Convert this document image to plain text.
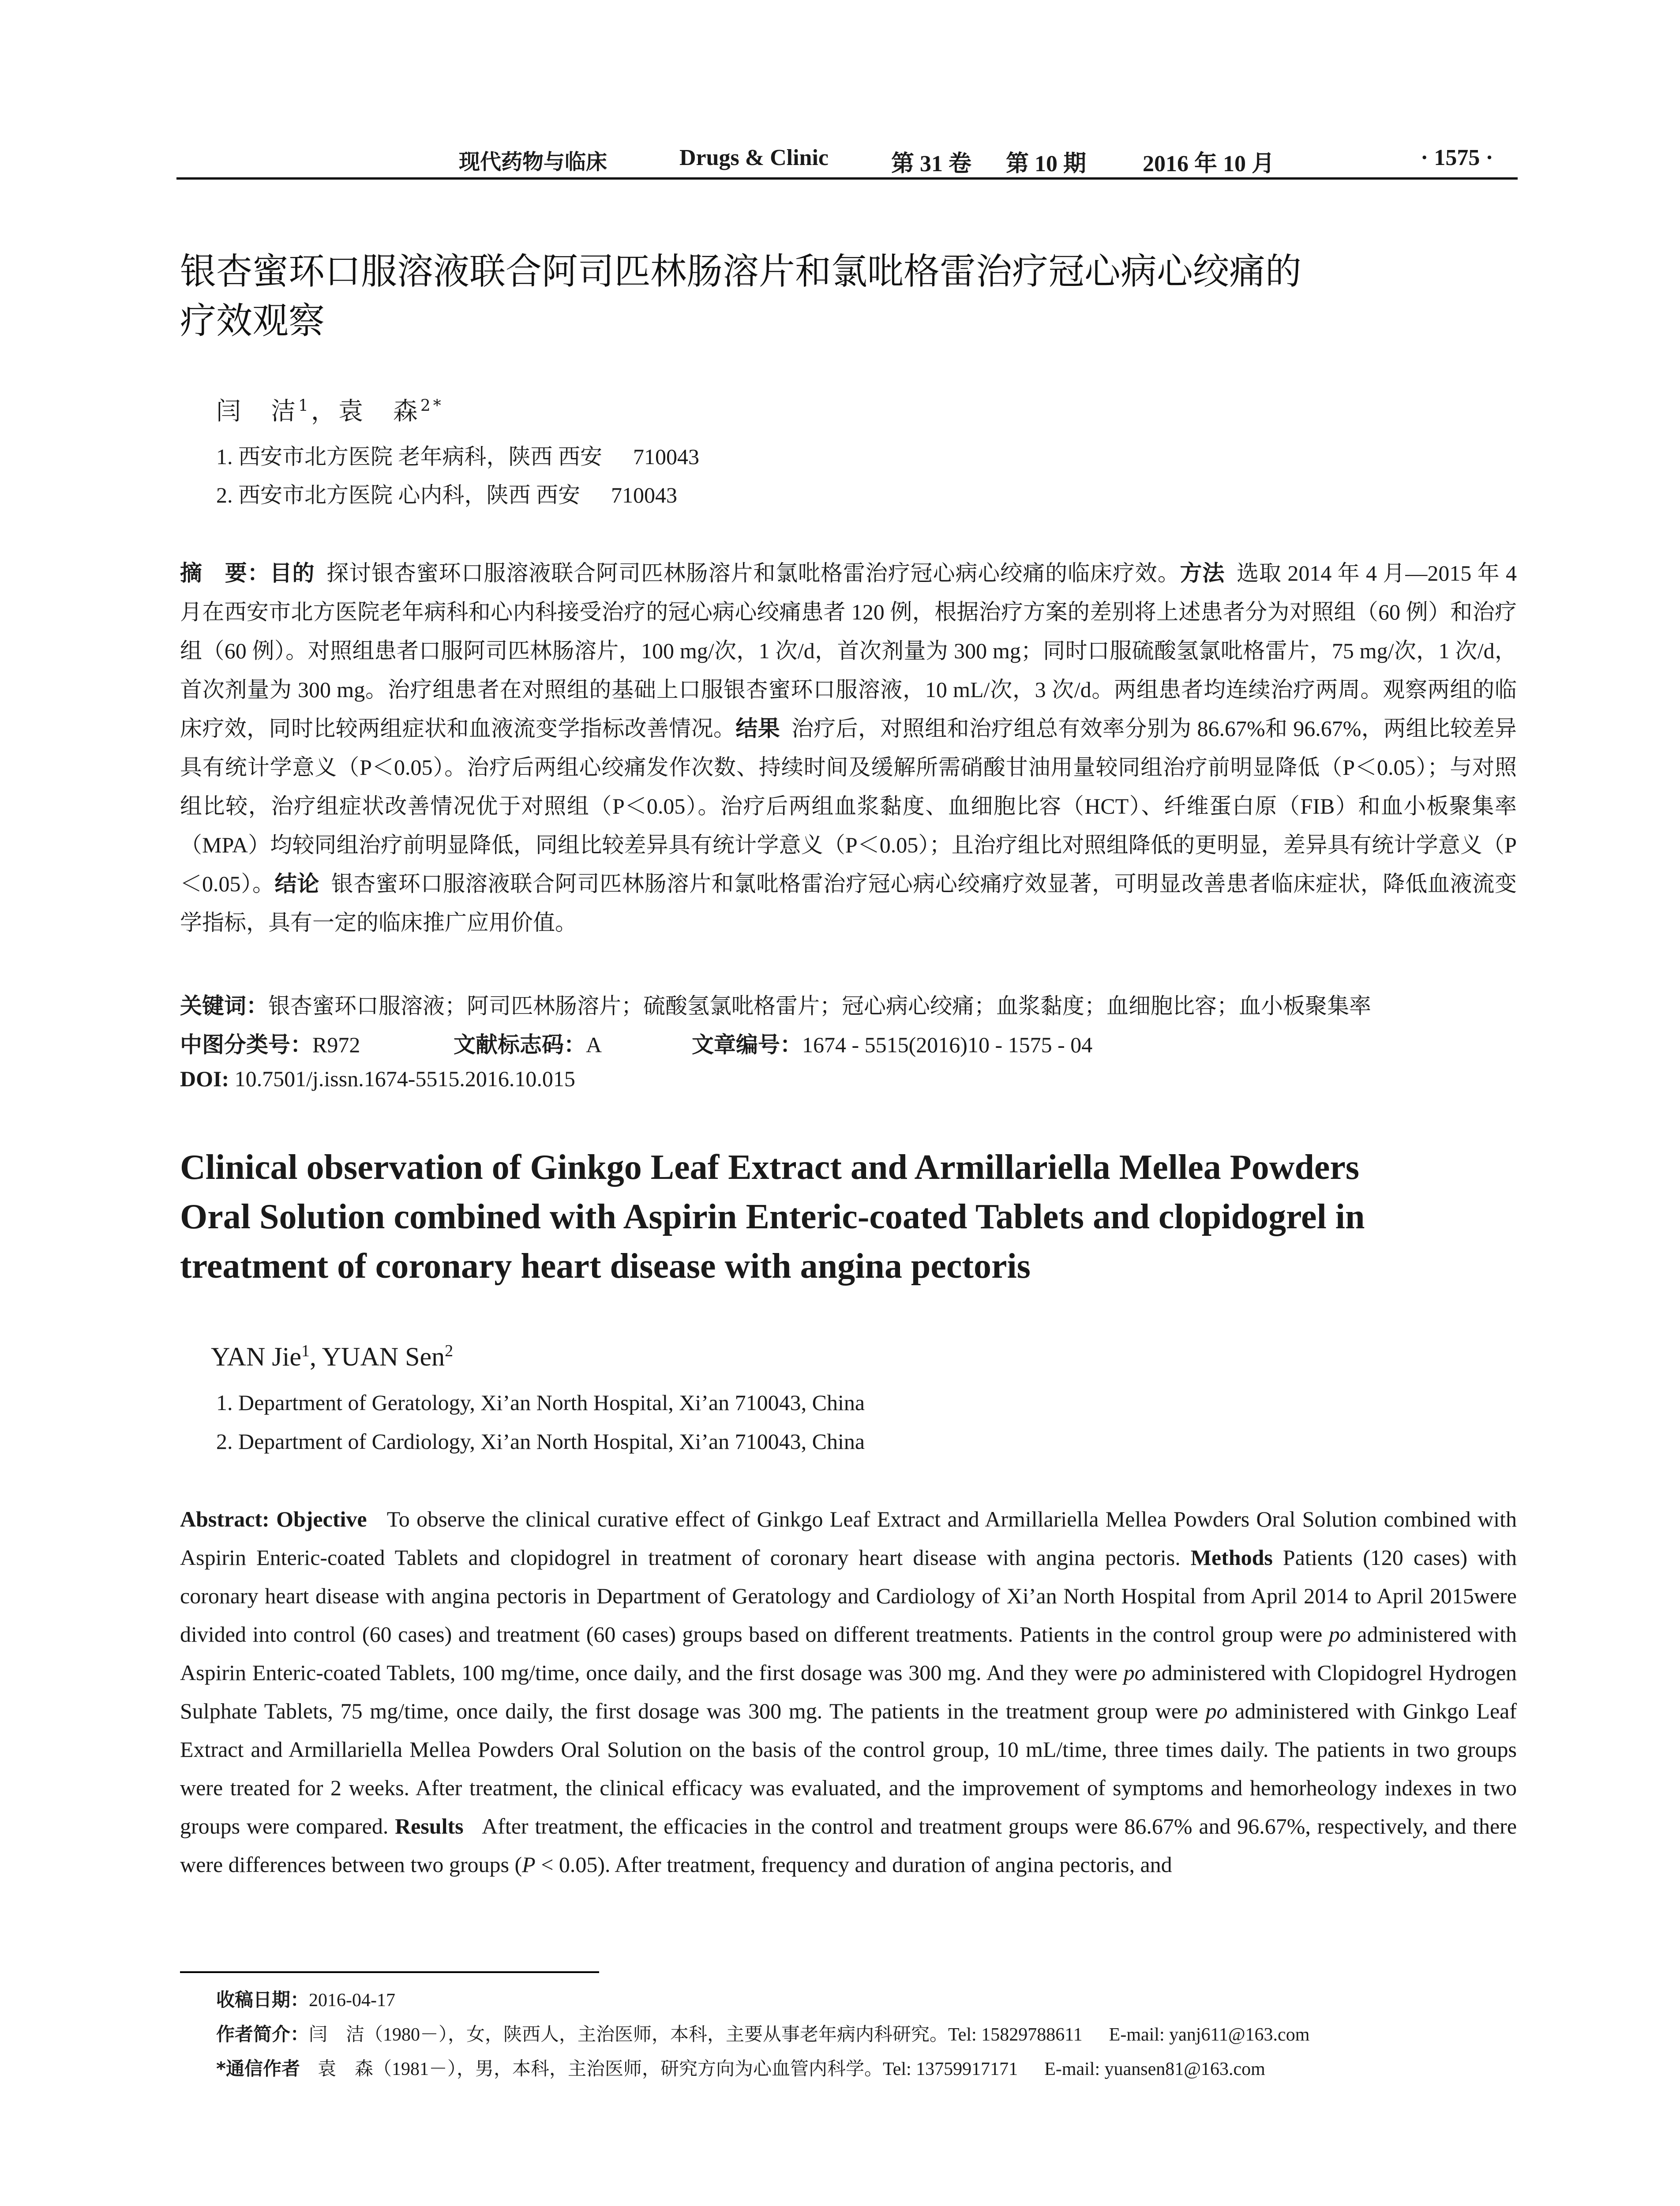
现代药物与临床	Drugs & Clinic	第 31 卷 第 10 期 2016 年 10 月	· 1575 ·
银杏蜜环口服溶液联合阿司匹林肠溶片和氯吡格雷治疗冠心病心绞痛的
疗效观察
闫　洁$^1$，袁　森$^{2*}$
1. 西安市北方医院 老年病科，陕西 西安 710043
2. 西安市北方医院 心内科，陕西 西安 710043
摘　要：目的 探讨银杏蜜环口服溶液联合阿司匹林肠溶片和氯吡格雷治疗冠心病心绞痛的临床疗效。方法 选取 2014 年 4 月—2015 年 4 月在西安市北方医院老年病科和心内科接受治疗的冠心病心绞痛患者 120 例，根据治疗方案的差别将上述患者分为对照组（60 例）和治疗组（60 例）。对照组患者口服阿司匹林肠溶片，100 mg/次，1 次/d，首次剂量为 300 mg；同时口服硫酸氢氯吡格雷片，75 mg/次，1 次/d，首次剂量为 300 mg。治疗组患者在对照组的基础上口服银杏蜜环口服溶液，10 mL/次，3 次/d。两组患者均连续治疗两周。观察两组的临床疗效，同时比较两组症状和血液流变学指标改善情况。结果 治疗后，对照组和治疗组总有效率分别为 86.67%和 96.67%，两组比较差异具有统计学意义（P＜0.05）。治疗后两组心绞痛发作次数、持续时间及缓解所需硝酸甘油用量较同组治疗前明显降低（P＜0.05）；与对照组比较，治疗组症状改善情况优于对照组（P＜0.05）。治疗后两组血浆黏度、血细胞比容（HCT）、纤维蛋白原（FIB）和血小板聚集率（MPA）均较同组治疗前明显降低，同组比较差异具有统计学意义（P＜0.05）；且治疗组比对照组降低的更明显，差异具有统计学意义（P＜0.05）。结论 银杏蜜环口服溶液联合阿司匹林肠溶片和氯吡格雷治疗冠心病心绞痛疗效显著，可明显改善患者临床症状，降低血液流变学指标，具有一定的临床推广应用价值。
关键词：银杏蜜环口服溶液；阿司匹林肠溶片；硫酸氢氯吡格雷片；冠心病心绞痛；血浆黏度；血细胞比容；血小板聚集率
中图分类号：R972	文献标志码：A	文章编号：1674 - 5515(2016)10 - 1575 - 04
DOI: 10.7501/j.issn.1674-5515.2016.10.015
Clinical observation of Ginkgo Leaf Extract and Armillariella Mellea Powders
Oral Solution combined with Aspirin Enteric-coated Tablets and clopidogrel in
treatment of coronary heart disease with angina pectoris
YAN Jie$^1$, YUAN Sen$^2$
1. Department of Geratology, Xi’an North Hospital, Xi’an 710043, China
2. Department of Cardiology, Xi’an North Hospital, Xi’an 710043, China
Abstract: Objective To observe the clinical curative effect of Ginkgo Leaf Extract and Armillariella Mellea Powders Oral Solution combined with Aspirin Enteric-coated Tablets and clopidogrel in treatment of coronary heart disease with angina pectoris. Methods Patients (120 cases) with coronary heart disease with angina pectoris in Department of Geratology and Cardiology of Xi’an North Hospital from April 2014 to April 2015were divided into control (60 cases) and treatment (60 cases) groups based on different treatments. Patients in the control group were po administered with Aspirin Enteric-coated Tablets, 100 mg/time, once daily, and the first dosage was 300 mg. And they were po administered with Clopidogrel Hydrogen Sulphate Tablets, 75 mg/time, once daily, the first dosage was 300 mg. The patients in the treatment group were po administered with Ginkgo Leaf Extract and Armillariella Mellea Powders Oral Solution on the basis of the control group, 10 mL/time, three times daily. The patients in two groups were treated for 2 weeks. After treatment, the clinical efficacy was evaluated, and the improvement of symptoms and hemorheology indexes in two groups were compared. Results After treatment, the efficacies in the control and treatment groups were 86.67% and 96.67%, respectively, and there were differences between two groups (P < 0.05). After treatment, frequency and duration of angina pectoris, and
收稿日期：2016-04-17
作者简介：闫　洁（1980－），女，陕西人，主治医师，本科，主要从事老年病内科研究。Tel: 15829788611 E-mail: yanj611@163.com
*通信作者 袁　森（1981－），男，本科，主治医师，研究方向为心血管内科学。Tel: 13759917171 E-mail: yuansen81@163.com
